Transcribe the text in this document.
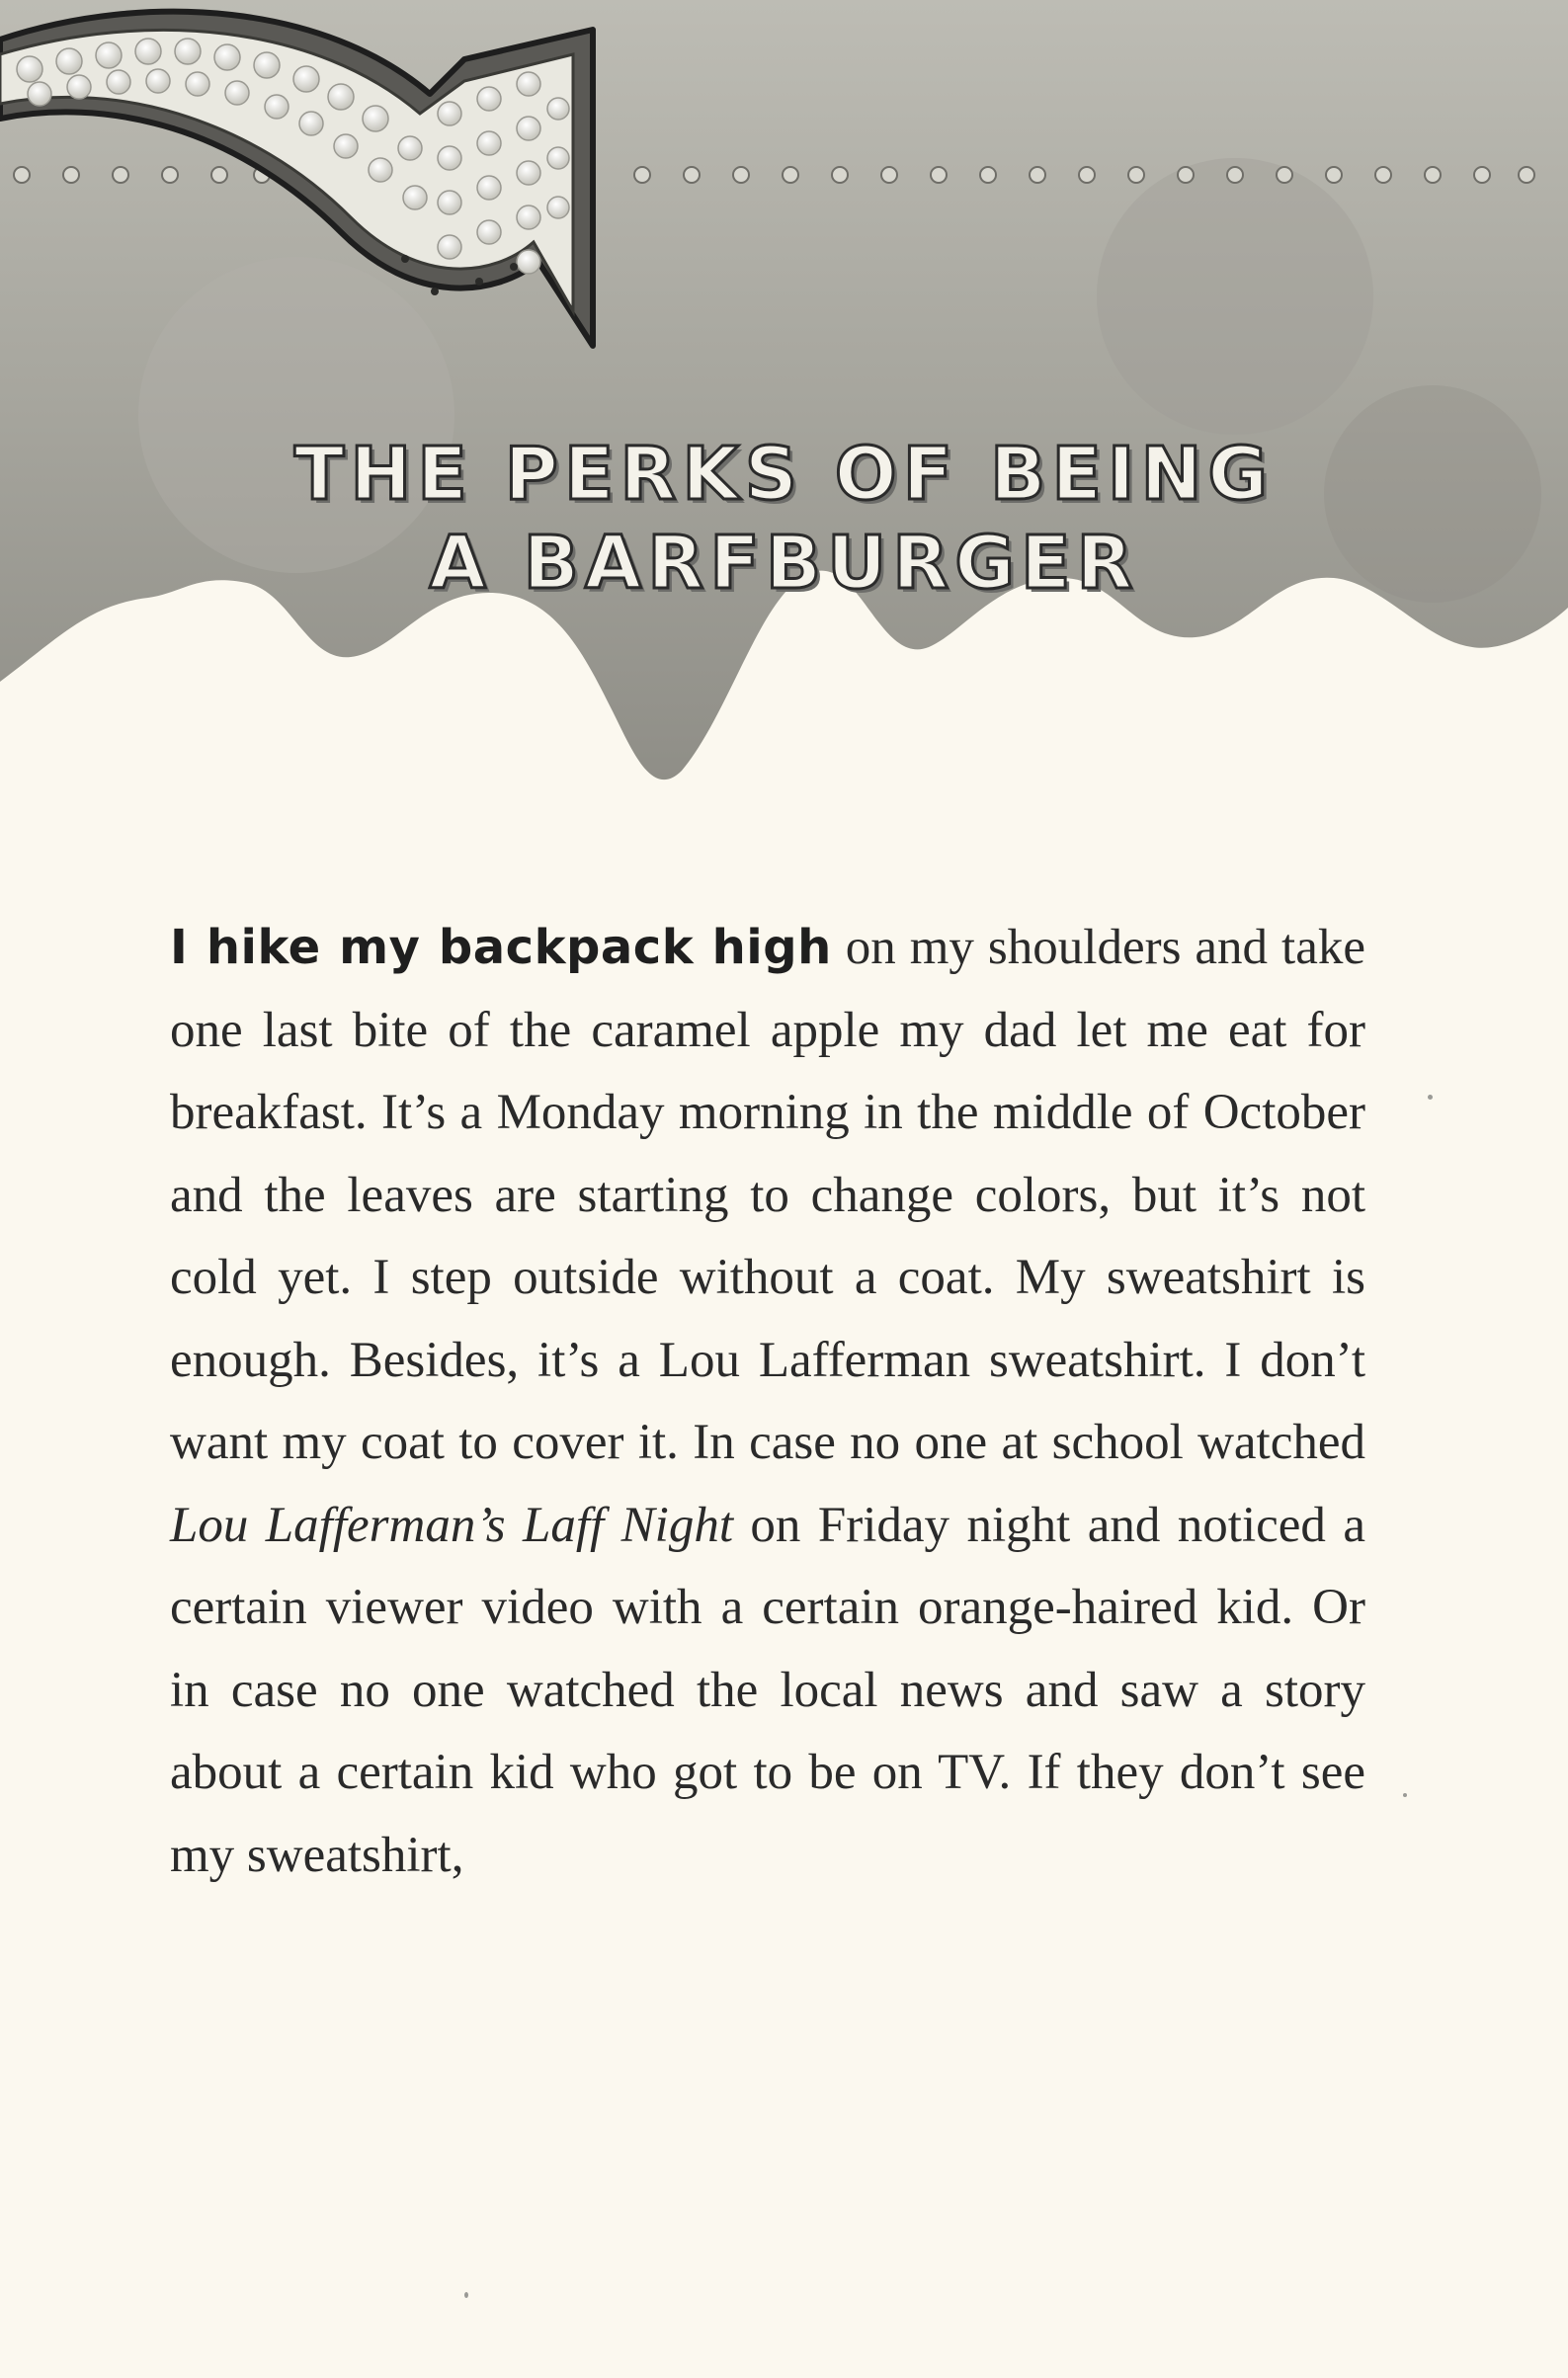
THE PERKS OF BEING
A BARFBURGER

I hike my backpack high on my shoulders and take one last bite of the caramel apple my dad let me eat for breakfast. It’s a Monday morning in the middle of October and the leaves are starting to change colors, but it’s not cold yet. I step outside without a coat. My sweatshirt is enough. Besides, it’s a Lou Lafferman sweatshirt. I don’t want my coat to cover it. In case no one at school watched Lou Lafferman’s Laff Night on Friday night and noticed a certain viewer video with a certain orange-haired kid. Or in case no one watched the local news and saw a story about a certain kid who got to be on TV. If they don’t see my sweatshirt,
